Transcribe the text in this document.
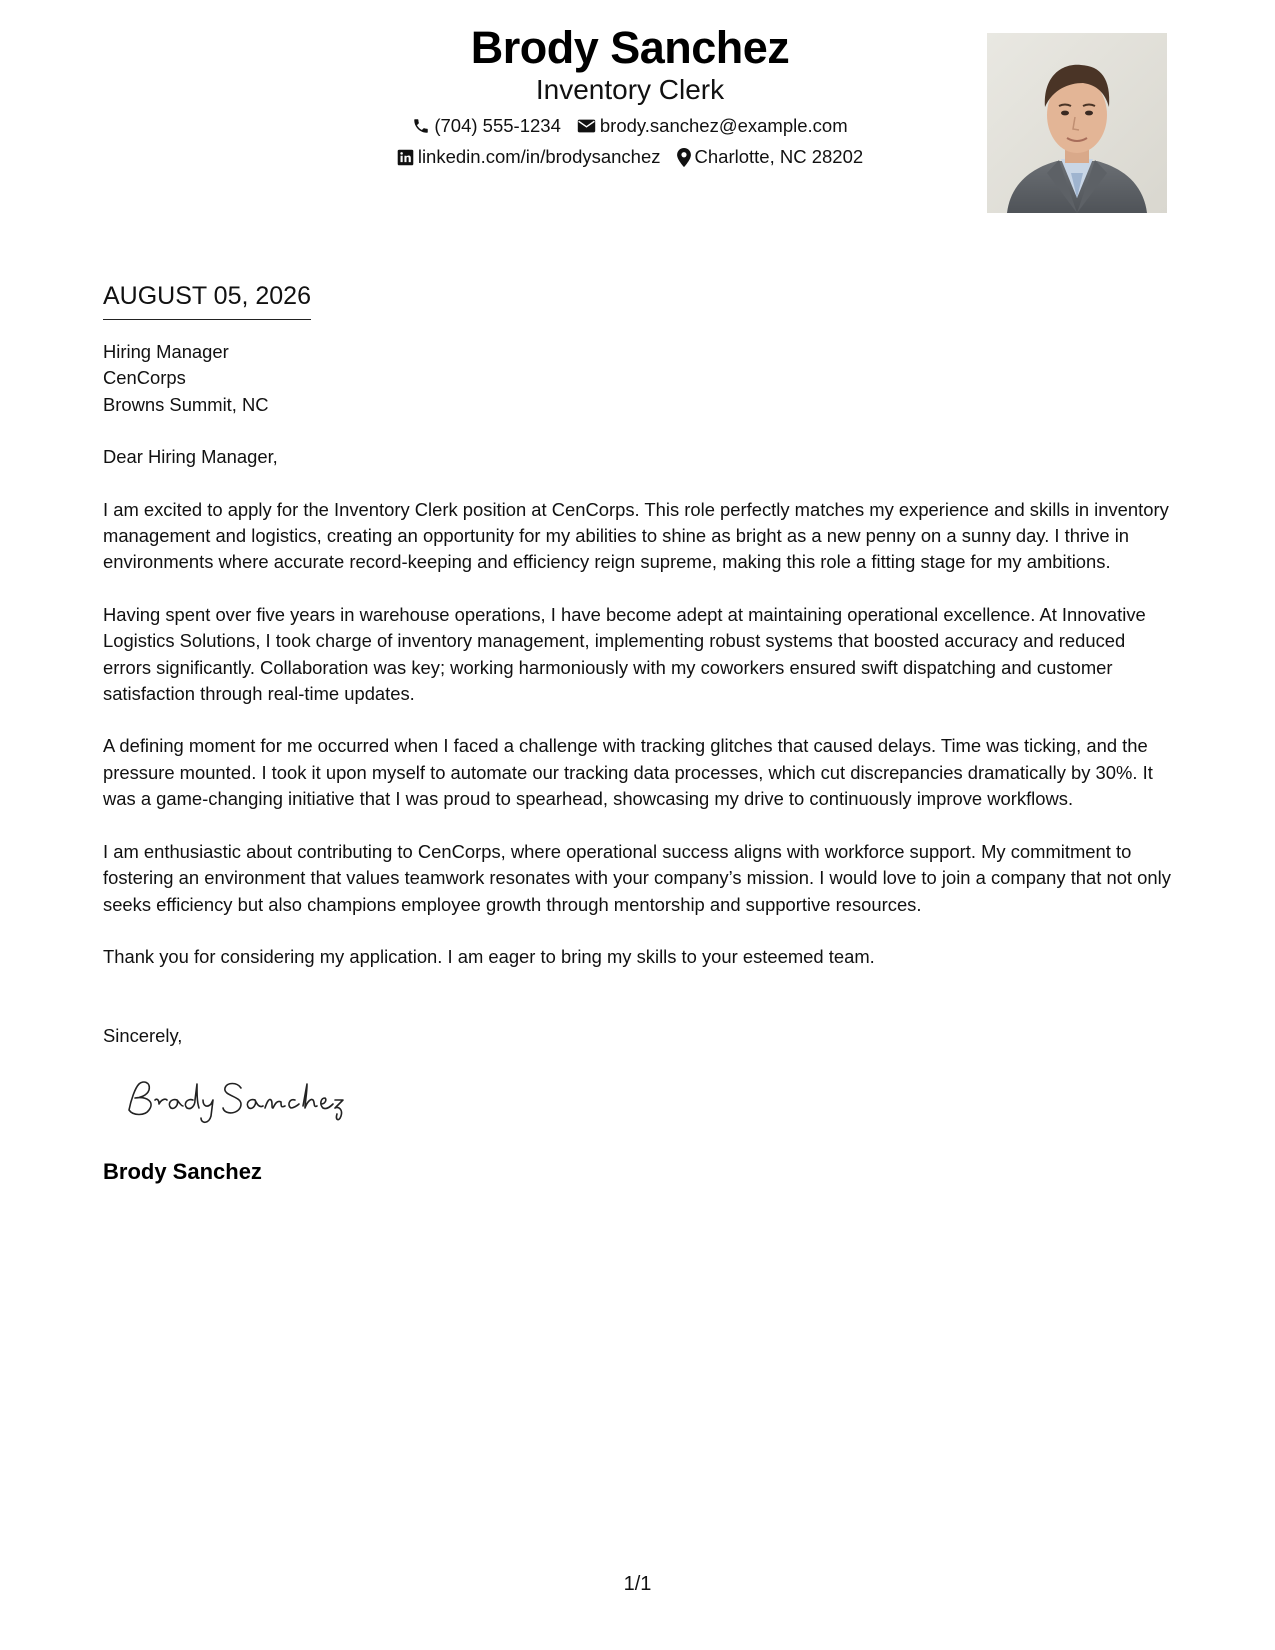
Brody Sanchez
Inventory Clerk
(704) 555-1234 brody.sanchez@example.com
linkedin.com/in/brodysanchez Charlotte, NC 28202
AUGUST 05, 2026
Hiring Manager
CenCorps
Browns Summit, NC
Dear Hiring Manager,
I am excited to apply for the Inventory Clerk position at CenCorps. This role perfectly matches my experience and skills in inventory management and logistics, creating an opportunity for my abilities to shine as bright as a new penny on a sunny day. I thrive in environments where accurate record-keeping and efficiency reign supreme, making this role a fitting stage for my ambitions.
Having spent over five years in warehouse operations, I have become adept at maintaining operational excellence. At Innovative Logistics Solutions, I took charge of inventory management, implementing robust systems that boosted accuracy and reduced errors significantly. Collaboration was key; working harmoniously with my coworkers ensured swift dispatching and customer satisfaction through real-time updates.
A defining moment for me occurred when I faced a challenge with tracking glitches that caused delays. Time was ticking, and the pressure mounted. I took it upon myself to automate our tracking data processes, which cut discrepancies dramatically by 30%. It was a game-changing initiative that I was proud to spearhead, showcasing my drive to continuously improve workflows.
I am enthusiastic about contributing to CenCorps, where operational success aligns with workforce support. My commitment to fostering an environment that values teamwork resonates with your company’s mission. I would love to join a company that not only seeks efficiency but also champions employee growth through mentorship and supportive resources.
Thank you for considering my application. I am eager to bring my skills to your esteemed team.
Sincerely,
Brody Sanchez
1/1
